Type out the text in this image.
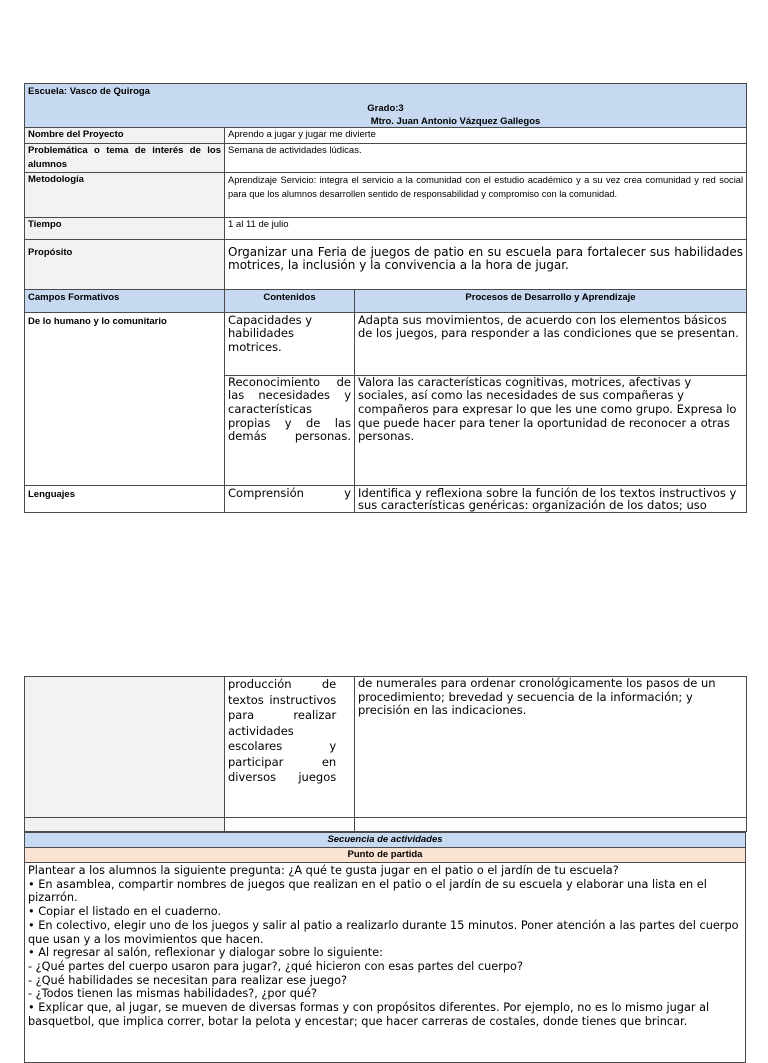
Escuela: Vasco de Quiroga
Grado:3
Mtro. Juan Antonio Vázquez Gallegos		

Nombre del Proyecto	Aprendo a jugar y jugar me divierte	
Problemática o tema de interés de los alumnos	Semana de actividades lúdicas.	
Metodología	Aprendizaje Servicio: integra el servicio a la comunidad con el estudio académico y a su vez crea comunidad y red social para que los alumnos desarrollen sentido de responsabilidad y compromiso con la comunidad.	
Tiempo	1 al 11 de julio	
Propósito	Organizar una Feria de juegos de patio en su escuela para fortalecer sus habilidades motrices, la inclusión y la convivencia a la hora de jugar.	
Campos Formativos	Contenidos	Procesos de Desarrollo y Aprendizaje
De lo humano y lo comunitario	Capacidades y habilidades motrices.	Adapta sus movimientos, de acuerdo con los elementos básicos de los juegos, para responder a las condiciones que se presentan.

	Reconocimiento de las necesidades y características propias y de las demás personas.	Valora las características cognitivas, motrices, afectivas y sociales, así como las necesidades de sus compañeras y compañeros para expresar lo que les une como grupo. Expresa lo que puede hacer para tener la oportunidad de reconocer a otras personas.
Lenguajes	Comprensión y	Identifica y reflexiona sobre la función de los textos instructivos y sus características genéricas: organización de los datos; uso

	producción de textos instructivos para realizar actividades escolares y participar en diversos juegos	de numerales para ordenar cronológicamente los pasos de un procedimiento; brevedad y secuencia de la información; y precisión en las indicaciones.

Secuencia de actividades
Punto de partida

Plantear a los alumnos la siguiente pregunta: ¿A qué te gusta jugar en el patio o el jardín de tu escuela?
• En asamblea, compartir nombres de juegos que realizan en el patio o el jardín de su escuela y elaborar una lista en el pizarrón.
• Copiar el listado en el cuaderno.
• En colectivo, elegir uno de los juegos y salir al patio a realizarlo durante 15 minutos. Poner atención a las partes del cuerpo que usan y a los movimientos que hacen.
• Al regresar al salón, reflexionar y dialogar sobre lo siguiente:
- ¿Qué partes del cuerpo usaron para jugar?, ¿qué hicieron con esas partes del cuerpo?
- ¿Qué habilidades se necesitan para realizar ese juego?
- ¿Todos tienen las mismas habilidades?, ¿por qué?
• Explicar que, al jugar, se mueven de diversas formas y con propósitos diferentes. Por ejemplo, no es lo mismo jugar al basquetbol, que implica correr, botar la pelota y encestar; que hacer carreras de costales, donde tienes que brincar.
